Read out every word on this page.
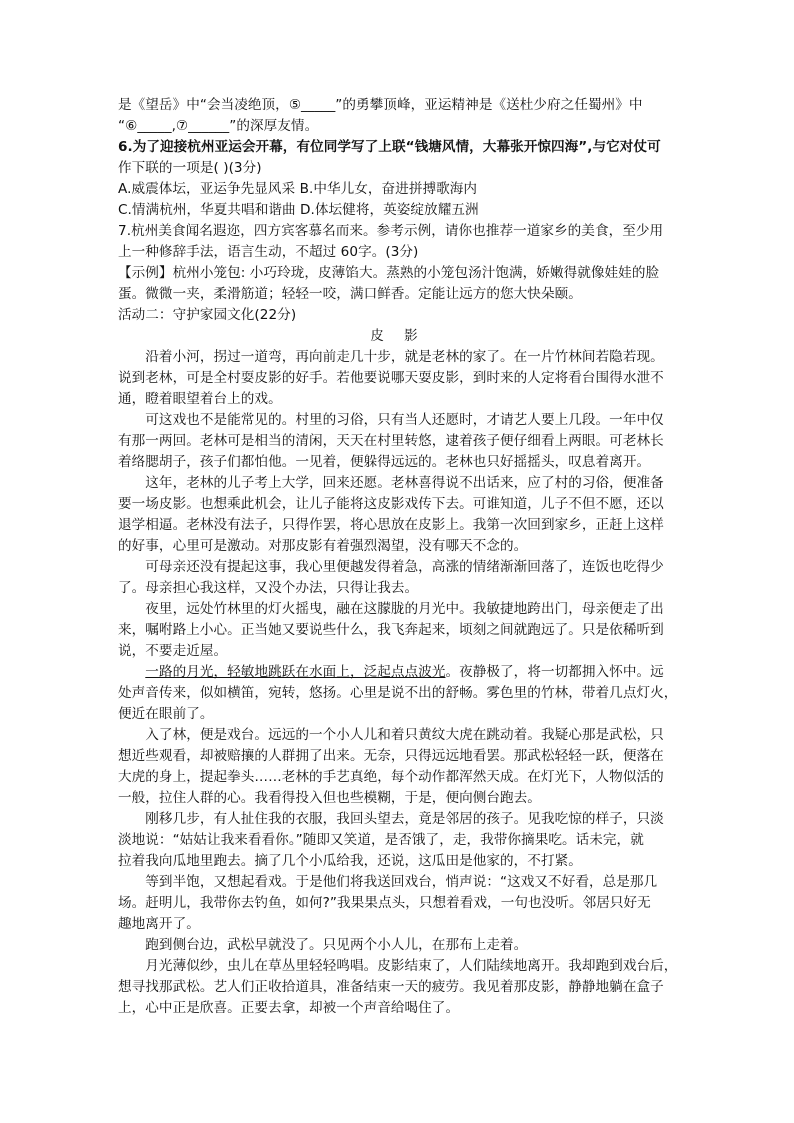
是《望岳》中“会当凌绝顶，⑤_____”的勇攀顶峰，亚运精神是《送杜少府之任蜀州》中
“⑥_____,⑦______”的深厚友情。
6.为了迎接杭州亚运会开幕，有位同学写了上联“钱塘风情，大幕张开惊四海”,与它对仗可
作下联的一项是( )(3分)
A.威震体坛，亚运争先显风采 B.中华儿女，奋进拼搏歌海内
C.情满杭州，华夏共唱和谐曲 D.体坛健将，英姿绽放耀五洲
7.杭州美食闻名遐迩，四方宾客慕名而来。参考示例，请你也推荐一道家乡的美食，至少用
上一种修辞手法，语言生动，不超过 60字。(3分)
【示例】杭州小笼包: 小巧玲珑，皮薄馅大。蒸熟的小笼包汤汁饱满，娇嫩得就像娃娃的脸
蛋。微微一夹，柔滑筋道；轻轻一咬，满口鲜香。定能让远方的您大快朵颐。
活动二：守护家园文化(22分)
皮 影
　　沿着小河，拐过一道弯，再向前走几十步，就是老林的家了。在一片竹林间若隐若现。
说到老林，可是全村耍皮影的好手。若他要说哪天耍皮影，到时来的人定将看台围得水泄不
通，瞪着眼望着台上的戏。
　　可这戏也不是能常见的。村里的习俗，只有当人还愿时，才请艺人要上几段。一年中仅
有那一两回。老林可是相当的清闲，天天在村里转悠，逮着孩子便仔细看上两眼。可老林长
着络腮胡子，孩子们都怕他。一见着，便躲得远远的。老林也只好摇摇头，叹息着离开。
　　这年，老林的儿子考上大学，回来还愿。老林喜得说不出话来，应了村的习俗，便准备
要一场皮影。也想乘此机会，让儿子能将这皮影戏传下去。可谁知道，儿子不但不愿，还以
退学相逼。老林没有法子，只得作罢，将心思放在皮影上。我第一次回到家乡，正赶上这样
的好事，心里可是激动。对那皮影有着强烈渴望，没有哪天不念的。
　　可母亲还没有提起这事，我心里便越发得着急，高涨的情绪渐渐回落了，连饭也吃得少
了。母亲担心我这样，又没个办法，只得让我去。
　　夜里，远处竹林里的灯火摇曳，融在这朦胧的月光中。我敏捷地跨出门，母亲便走了出
来，嘱咐路上小心。正当她又要说些什么，我飞奔起来，顷刻之间就跑远了。只是依稀听到
说，不要走近屋。
　　一路的月光，轻敏地跳跃在水面上，泛起点点波光。夜静极了，将一切都拥入怀中。远
处声音传来，似如横笛，宛转，悠扬。心里是说不出的舒畅。雾色里的竹林，带着几点灯火，
便近在眼前了。
　　入了林，便是戏台。远远的一个小人儿和着只黄纹大虎在跳动着。我疑心那是武松，只
想近些观看，却被赔攘的人群拥了出来。无奈，只得远远地看罢。那武松轻轻一跃，便落在
大虎的身上，提起拳头……老林的手艺真绝，每个动作都浑然天成。在灯光下，人物似活的
一般，拉住人群的心。我看得投入但也些模糊，于是，便向侧台跑去。
　　刚移几步，有人扯住我的衣服，我回头望去，竟是邻居的孩子。见我吃惊的样子，只淡
淡地说：“姑姑让我来看看你。”随即又笑道，是否饿了，走，我带你摘果吃。话未完，就
拉着我向瓜地里跑去。摘了几个小瓜给我，还说，这瓜田是他家的，不打紧。
　　等到半饱，又想起看戏。于是他们将我送回戏台，悄声说：“这戏又不好看，总是那几
场。赶明儿，我带你去钓鱼，如何?”我果果点头，只想着看戏，一句也没听。邻居只好无
趣地离开了。
　　跑到侧台边，武松早就没了。只见两个小人儿，在那布上走着。
　　月光薄似纱，虫儿在草丛里轻轻鸣唱。皮影结束了，人们陆续地离开。我却跑到戏台后，
想寻找那武松。艺人们正收拾道具，准备结束一天的疲劳。我见着那皮影，静静地躺在盒子
上，心中正是欣喜。正要去拿，却被一个声音给喝住了。
